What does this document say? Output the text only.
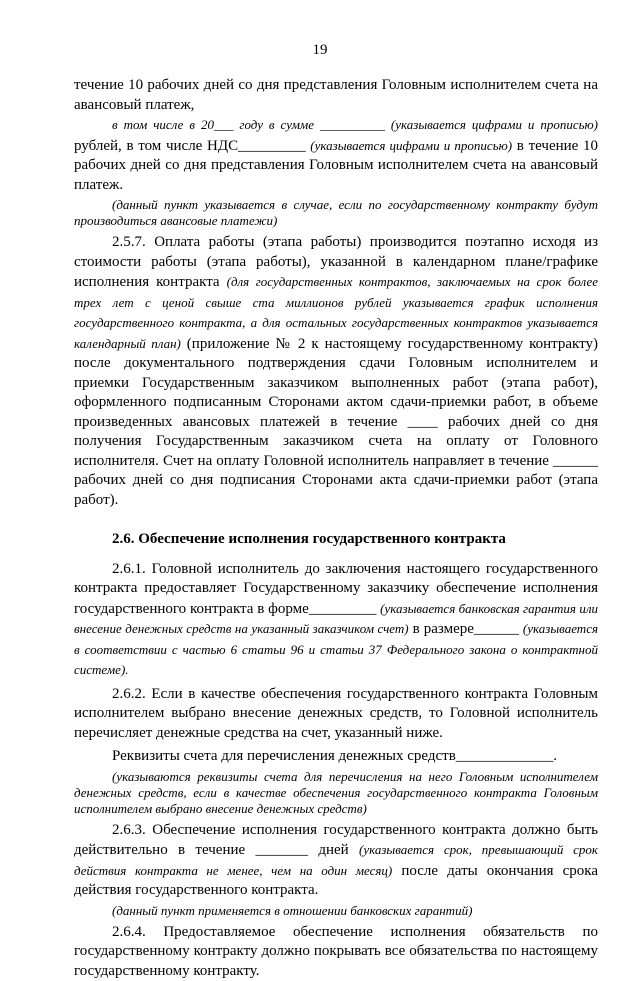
19

течение 10 рабочих дней со дня представления Головным исполнителем счета на авансовый платеж,

в том числе в 20___ году в сумме __________ (указывается цифрами и прописью) рублей, в том числе НДС_________ (указывается цифрами и прописью) в течение 10 рабочих дней со дня представления Головным исполнителем счета на авансовый платеж.

(данный пункт указывается в случае, если по государственному контракту будут производиться авансовые платежи)

2.5.7. Оплата работы (этапа работы) производится поэтапно исходя из стоимости работы (этапа работы), указанной в календарном плане/графике исполнения контракта (для государственных контрактов, заключаемых на срок более трех лет с ценой свыше ста миллионов рублей указывается график исполнения государственного контракта, а для остальных государственных контрактов указывается календарный план) (приложение № 2 к настоящему государственному контракту) после документального подтверждения сдачи Головным исполнителем и приемки Государственным заказчиком выполненных работ (этапа работ), оформленного подписанным Сторонами актом сдачи-приемки работ, в объеме произведенных авансовых платежей в течение ____ рабочих дней со дня получения Государственным заказчиком счета на оплату от Головного исполнителя. Счет на оплату Головной исполнитель направляет в течение ______ рабочих дней со дня подписания Сторонами акта сдачи-приемки работ (этапа работ).

2.6. Обеспечение исполнения государственного контракта

2.6.1. Головной исполнитель до заключения настоящего государственного контракта предоставляет Государственному заказчику обеспечение исполнения государственного контракта в форме_________ (указывается банковская гарантия или внесение денежных средств на указанный заказчиком счет) в размере______ (указывается в соответствии с частью 6 статьи 96 и статьи 37 Федерального закона о контрактной системе).

2.6.2. Если в качестве обеспечения государственного контракта Головным исполнителем выбрано внесение денежных средств, то Головной исполнитель перечисляет денежные средства на счет, указанный ниже.

Реквизиты счета для перечисления денежных средств_____________.

(указываются реквизиты счета для перечисления на него Головным исполнителем денежных средств, если в качестве обеспечения государственного контракта Головным исполнителем выбрано внесение денежных средств)

2.6.3. Обеспечение исполнения государственного контракта должно быть действительно в течение _______ дней (указывается срок, превышающий срок действия контракта не менее, чем на один месяц) после даты окончания срока действия государственного контракта.

(данный пункт применяется в отношении банковских гарантий)

2.6.4. Предоставляемое обеспечение исполнения обязательств по государственному контракту должно покрывать все обязательства по настоящему государственному контракту.
